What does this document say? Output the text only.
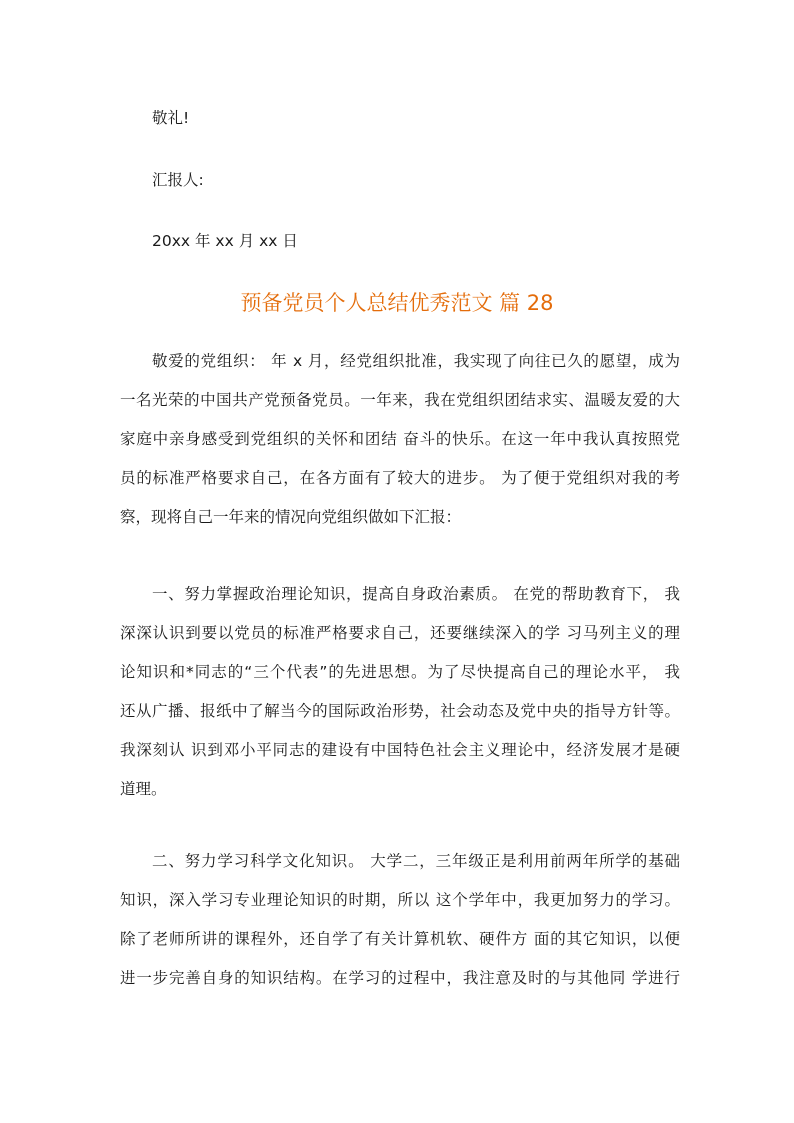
敬礼!
汇报人:
20xx 年 xx 月 xx 日
预备党员个人总结优秀范文 篇 28
敬爱的党组织： 年 x 月，经党组织批准，我实现了向往已久的愿望，成为
一名光荣的中国共产党预备党员。一年来，我在党组织团结求实、温暖友爱的大
家庭中亲身感受到党组织的关怀和团结 奋斗的快乐。在这一年中我认真按照党
员的标准严格要求自己，在各方面有了较大的进步。 为了便于党组织对我的考
察，现将自己一年来的情况向党组织做如下汇报：
一、努力掌握政治理论知识，提高自身政治素质。 在党的帮助教育下， 我
深深认识到要以党员的标准严格要求自己，还要继续深入的学 习马列主义的理
论知识和*同志的“三个代表”的先进思想。为了尽快提高自己的理论水平， 我
还从广播、报纸中了解当今的国际政治形势，社会动态及党中央的指导方针等。
我深刻认 识到邓小平同志的建设有中国特色社会主义理论中，经济发展才是硬
道理。
二、努力学习科学文化知识。 大学二，三年级正是利用前两年所学的基础
知识，深入学习专业理论知识的时期，所以 这个学年中，我更加努力的学习。
除了老师所讲的课程外，还自学了有关计算机软、硬件方 面的其它知识，以便
进一步完善自身的知识结构。在学习的过程中，我注意及时的与其他同 学进行
